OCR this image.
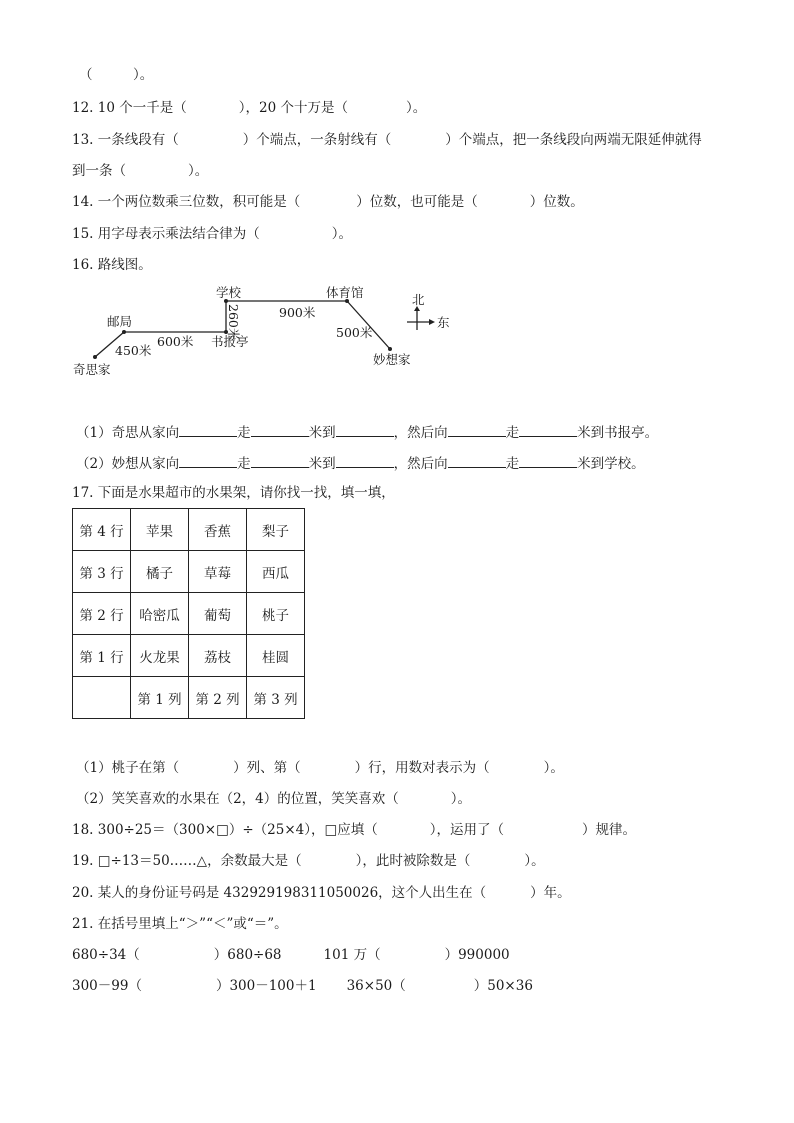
（　　　）。
12. 10 个一千是（	），20 个十万是（	）。
13. 一条线段有（	）个端点，一条射线有（	）个端点，把一条线段向两端无限延伸就得
到一条（	）。
14. 一个两位数乘三位数，积可能是（	）位数，也可能是（	）位数。
15. 用字母表示乘法结合律为（	）。
16. 路线图。
学校	体育馆
邮局
书报亭
奇思家
妙想家
450米
600米
260米	900米
500米
北
东
（1）奇思从家向	走	米到	，然后向	走	米到书报亭。
（2）妙想从家向	走	米到	，然后向	走	米到学校。
17. 下面是水果超市的水果架，请你找一找，填一填，
第 4 行	苹果	香蕉	梨子
第 3 行	橘子	草莓	西瓜
第 2 行	哈密瓜	葡萄	桃子
第 1 行	火龙果	荔枝	桂圆
	第 1 列	第 2 列	第 3 列
（1）桃子在第（	）列、第（	）行，用数对表示为（	）。
（2）笑笑喜欢的水果在（2，4）的位置，笑笑喜欢（	）。
18. 300÷25＝（300×□）÷（25×4），□应填（	），运用了（	）规律。
19. □÷13＝50……△，余数最大是（	），此时被除数是（	）。
20. 某人的身份证号码是 432929198311050026，这个人出生在（	）年。
21. 在括号里填上“＞”“＜”或“＝”。
680÷34（	）680÷68	101 万（	）990000
300－99（	）300－100＋1 36×50（	）50×36
